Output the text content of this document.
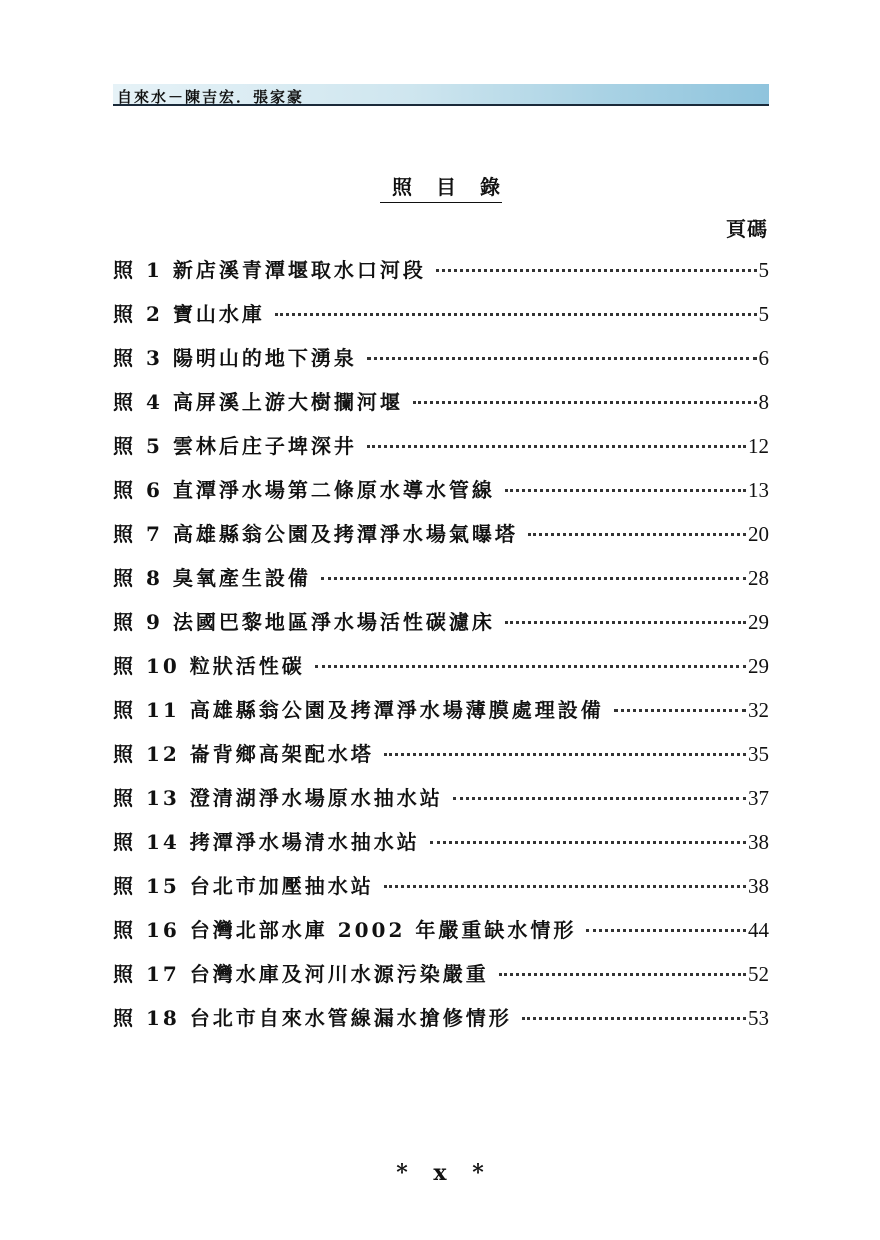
自來水－陳吉宏．張家豪
照目錄
頁碼
照 1 新店溪青潭堰取水口河段	5
照 2 寶山水庫	5
照 3 陽明山的地下湧泉	6
照 4 高屏溪上游大樹攔河堰	8
照 5 雲林后庄子埤深井	12
照 6 直潭淨水場第二條原水導水管線	13
照 7 高雄縣翁公園及拷潭淨水場氣曝塔	20
照 8 臭氧產生設備	28
照 9 法國巴黎地區淨水場活性碳濾床	29
照 10 粒狀活性碳	29
照 11 高雄縣翁公園及拷潭淨水場薄膜處理設備	32
照 12 崙背鄉高架配水塔	35
照 13 澄清湖淨水場原水抽水站	37
照 14 拷潭淨水場清水抽水站	38
照 15 台北市加壓抽水站	38
照 16 台灣北部水庫 2002 年嚴重缺水情形	44
照 17 台灣水庫及河川水源污染嚴重	52
照 18 台北市自來水管線漏水搶修情形	53
* x *
